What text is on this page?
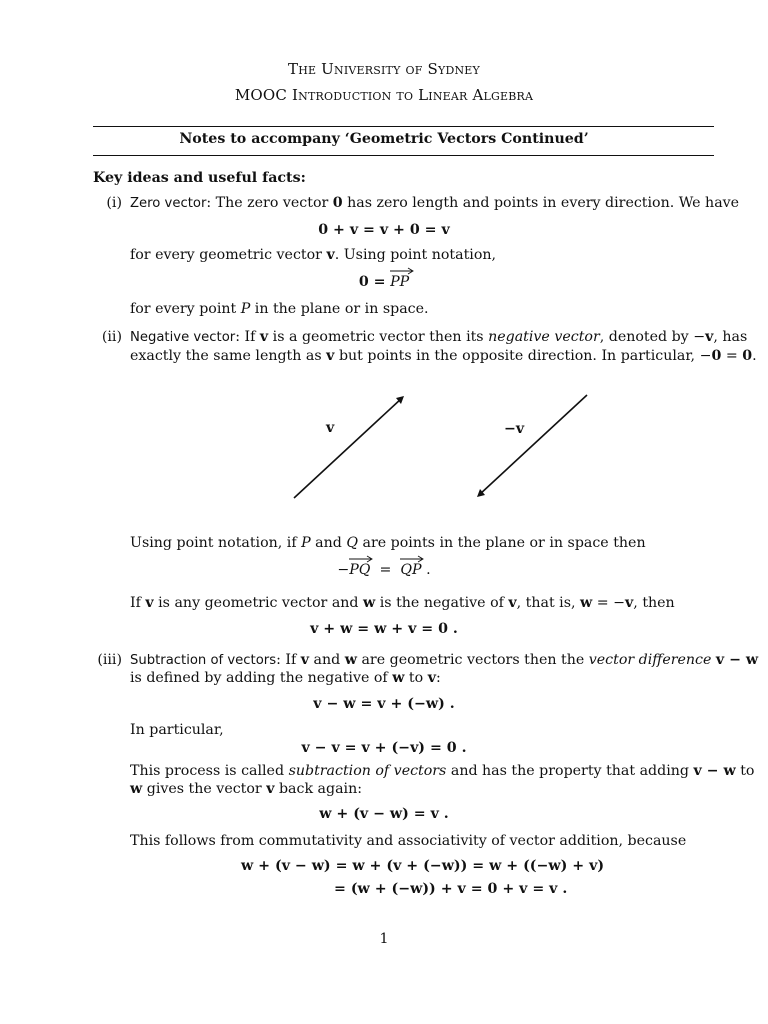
The University of Sydney
MOOC Introduction to Linear Algebra
Notes to accompany ‘Geometric Vectors Continued’
Key ideas and useful facts:
(i) Zero vector: The zero vector 0 has zero length and points in every direction. We have
0 + v = v + 0 = v
for every geometric vector v. Using point notation,
0 = PP
for every point P in the plane or in space.
(ii) Negative vector: If v is a geometric vector then its negative vector, denoted by −v, has
exactly the same length as v but points in the opposite direction. In particular, −0 = 0.
v	−v
Using point notation, if P and Q are points in the plane or in space then
−
PQ = QP .
If v is any geometric vector and w is the negative of v, that is, w = −v, then
v + w = w + v = 0 .
(iii) Subtraction of vectors: If v and w are geometric vectors then the vector difference v − w
is defined by adding the negative of w to v:
v − w = v + (−w) .
In particular,
v − v = v + (−v) = 0 .
This process is called subtraction of vectors and has the property that adding v − w to
w gives the vector v back again:
w + (v − w) = v .
This follows from commutativity and associativity of vector addition, because
w + (v − w) = w + (v + (−w)) = w + ((−w) + v)
= (w + (−w)) + v = 0 + v = v .
1
